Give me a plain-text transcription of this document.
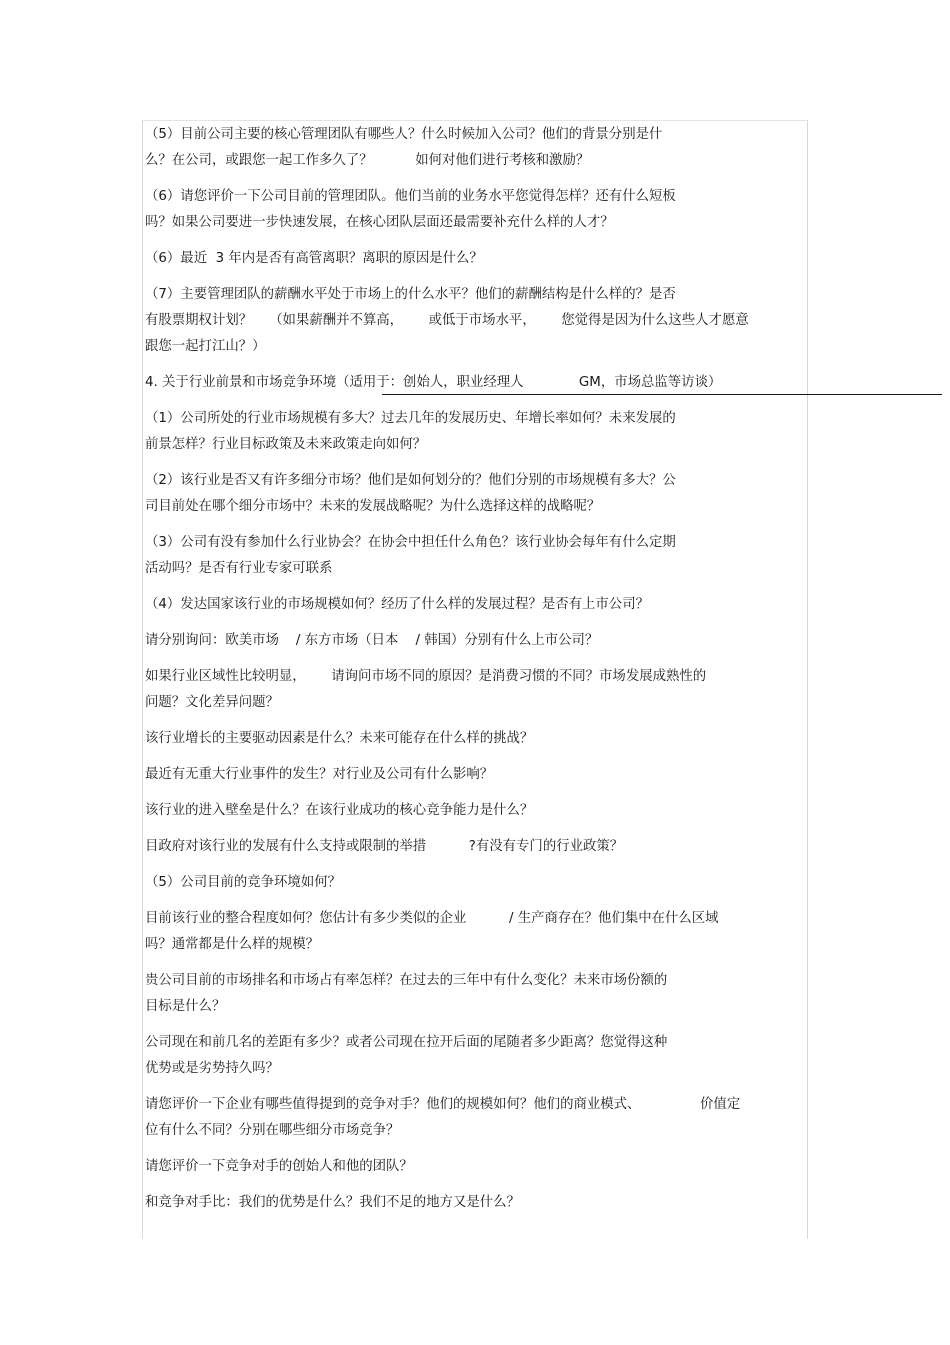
（5）目前公司主要的核心管理团队有哪些人？什么时候加入公司？他们的背景分别是什
么？在公司，或跟您一起工作多久了？          如何对他们进行考核和激励？
（6）请您评价一下公司目前的管理团队。他们当前的业务水平您觉得怎样？还有什么短板
吗？如果公司要进一步快速发展，在核心团队层面还最需要补充什么样的人才？
（6）最近  3 年内是否有高管离职？离职的原因是什么？
（7）主要管理团队的薪酬水平处于市场上的什么水平？他们的薪酬结构是什么样的？是否
有股票期权计划？    （如果薪酬并不算高，      或低于市场水平，      您觉得是因为什么这些人才愿意
跟您一起打江山？）
4. 关于行业前景和市场竞争环境（适用于：创始人，职业经理人             GM，市场总监等访谈）
（1）公司所处的行业市场规模有多大？过去几年的发展历史、年增长率如何？未来发展的
前景怎样？行业目标政策及未来政策走向如何？
（2）该行业是否又有许多细分市场？他们是如何划分的？他们分别的市场规模有多大？公
司目前处在哪个细分市场中？未来的发展战略呢？为什么选择这样的战略呢？
（3）公司有没有参加什么行业协会？在协会中担任什么角色？该行业协会每年有什么定期
活动吗？是否有行业专家可联系
（4）发达国家该行业的市场规模如何？经历了什么样的发展过程？是否有上市公司？
请分别询问：欧美市场    / 东方市场（日本    / 韩国）分别有什么上市公司？
如果行业区域性比较明显，      请询问市场不同的原因？是消费习惯的不同？市场发展成熟性的
问题？文化差异问题？
该行业增长的主要驱动因素是什么？未来可能存在什么样的挑战？
最近有无重大行业事件的发生？对行业及公司有什么影响？
该行业的进入壁垒是什么？在该行业成功的核心竞争能力是什么？
目政府对该行业的发展有什么支持或限制的举措          ?有没有专门的行业政策？
（5）公司目前的竞争环境如何？
目前该行业的整合程度如何？您估计有多少类似的企业          / 生产商存在？他们集中在什么区域
吗？通常都是什么样的规模？
贵公司目前的市场排名和市场占有率怎样？在过去的三年中有什么变化？未来市场份额的
目标是什么？
公司现在和前几名的差距有多少？或者公司现在拉开后面的尾随者多少距离？您觉得这种
优势或是劣势持久吗？
请您评价一下企业有哪些值得提到的竞争对手？他们的规模如何？他们的商业模式、              价值定
位有什么不同？分别在哪些细分市场竞争？
请您评价一下竞争对手的创始人和他的团队？
和竞争对手比：我们的优势是什么？我们不足的地方又是什么？
